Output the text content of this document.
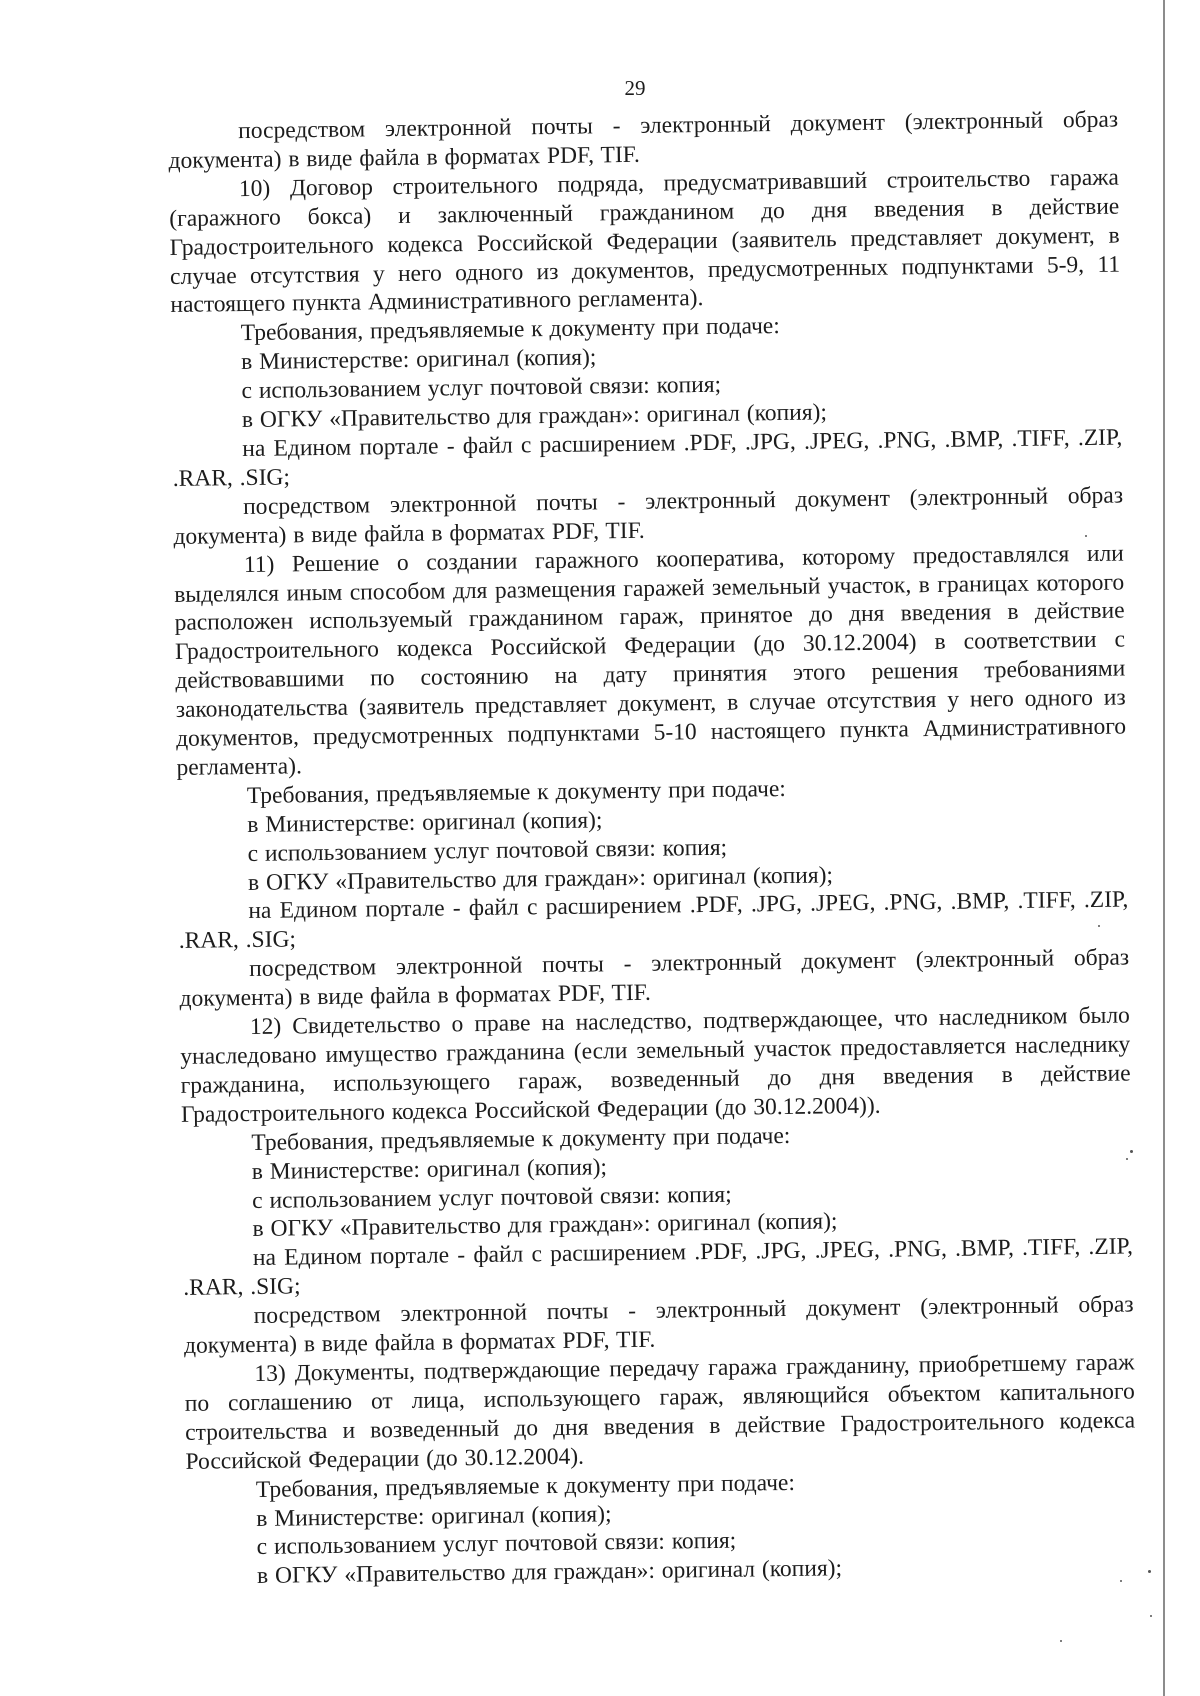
29

посредством электронной почты - электронный документ (электронный образ документа) в виде файла в форматах PDF, TIF.

10) Договор строительного подряда, предусматривавший строительство гаража (гаражного бокса) и заключенный гражданином до дня введения в действие Градостроительного кодекса Российской Федерации (заявитель представляет документ, в случае отсутствия у него одного из документов, предусмотренных подпунктами 5-9, 11 настоящего пункта Административного регламента).

Требования, предъявляемые к документу при подаче:

в Министерстве: оригинал (копия);

с использованием услуг почтовой связи: копия;

в ОГКУ «Правительство для граждан»: оригинал (копия);

на Едином портале - файл с расширением .PDF, .JPG, .JPEG, .PNG, .BMP, .TIFF, .ZIP, .RAR, .SIG;

посредством электронной почты - электронный документ (электронный образ документа) в виде файла в форматах PDF, TIF.

11) Решение о создании гаражного кооператива, которому предоставлялся или выделялся иным способом для размещения гаражей земельный участок, в границах которого расположен используемый гражданином гараж, принятое до дня введения в действие Градостроительного кодекса Российской Федерации (до 30.12.2004) в соответствии с действовавшими по состоянию на дату принятия этого решения требованиями законодательства (заявитель представляет документ, в случае отсутствия у него одного из документов, предусмотренных подпунктами 5-10 настоящего пункта Административного регламента).

Требования, предъявляемые к документу при подаче:

в Министерстве: оригинал (копия);

с использованием услуг почтовой связи: копия;

в ОГКУ «Правительство для граждан»: оригинал (копия);

на Едином портале - файл с расширением .PDF, .JPG, .JPEG, .PNG, .BMP, .TIFF, .ZIP, .RAR, .SIG;

посредством электронной почты - электронный документ (электронный образ документа) в виде файла в форматах PDF, TIF.

12) Свидетельство о праве на наследство, подтверждающее, что наследником было унаследовано имущество гражданина (если земельный участок предоставляется наследнику гражданина, использующего гараж, возведенный до дня введения в действие Градостроительного кодекса Российской Федерации (до 30.12.2004)).

Требования, предъявляемые к документу при подаче:

в Министерстве: оригинал (копия);

с использованием услуг почтовой связи: копия;

в ОГКУ «Правительство для граждан»: оригинал (копия);

на Едином портале - файл с расширением .PDF, .JPG, .JPEG, .PNG, .BMP, .TIFF, .ZIP, .RAR, .SIG;

посредством электронной почты - электронный документ (электронный образ документа) в виде файла в форматах PDF, TIF.

13) Документы, подтверждающие передачу гаража гражданину, приобретшему гараж по соглашению от лица, использующего гараж, являющийся объектом капитального строительства и возведенный до дня введения в действие Градостроительного кодекса Российской Федерации (до 30.12.2004).

Требования, предъявляемые к документу при подаче:

в Министерстве: оригинал (копия);

с использованием услуг почтовой связи: копия;

в ОГКУ «Правительство для граждан»: оригинал (копия);
